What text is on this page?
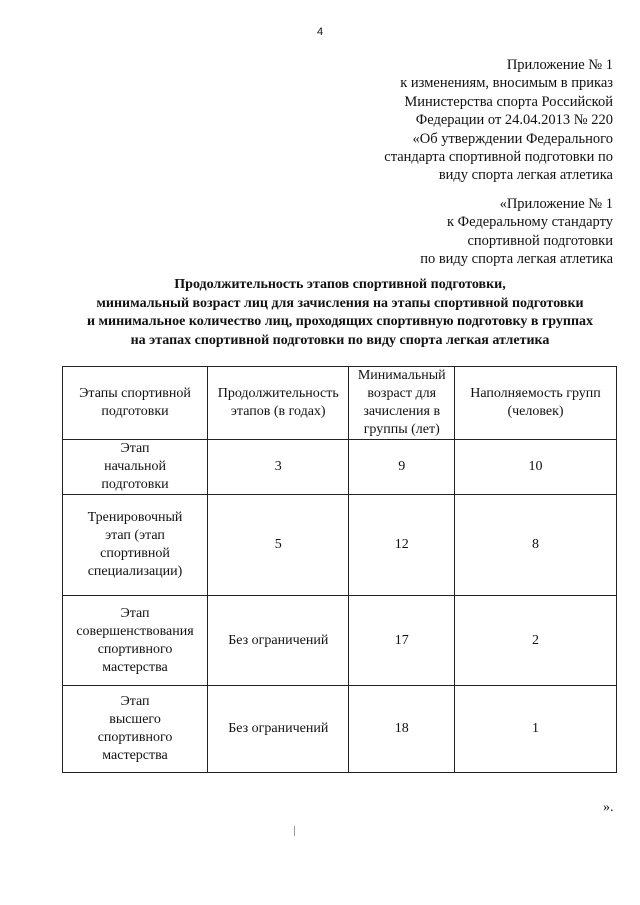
4
Приложение № 1
к изменениям, вносимым в приказ
Министерства спорта Российской
Федерации от 24.04.2013 № 220
«Об утверждении Федерального
стандарта спортивной подготовки по
виду спорта легкая атлетика
«Приложение № 1
к Федеральному стандарту
спортивной подготовки
по виду спорта легкая атлетика
Продолжительность этапов спортивной подготовки,
минимальный возраст лиц для зачисления на этапы спортивной подготовки
и минимальное количество лиц, проходящих спортивную подготовку в группах
на этапах спортивной подготовки по виду спорта легкая атлетика
Этапы спортивной подготовки	Продолжительность этапов (в годах)	Минимальный возраст для зачисления в группы (лет)	Наполняемость групп (человек)

Этап
начальной
подготовки	3	9	10

Тренировочный
этап (этап
спортивной
специализации)	5	12	8

Этап
совершенствования
спортивного
мастерства	Без ограничений	17	2

Этап
высшего
спортивного
мастерства	Без ограничений	18	1
».
